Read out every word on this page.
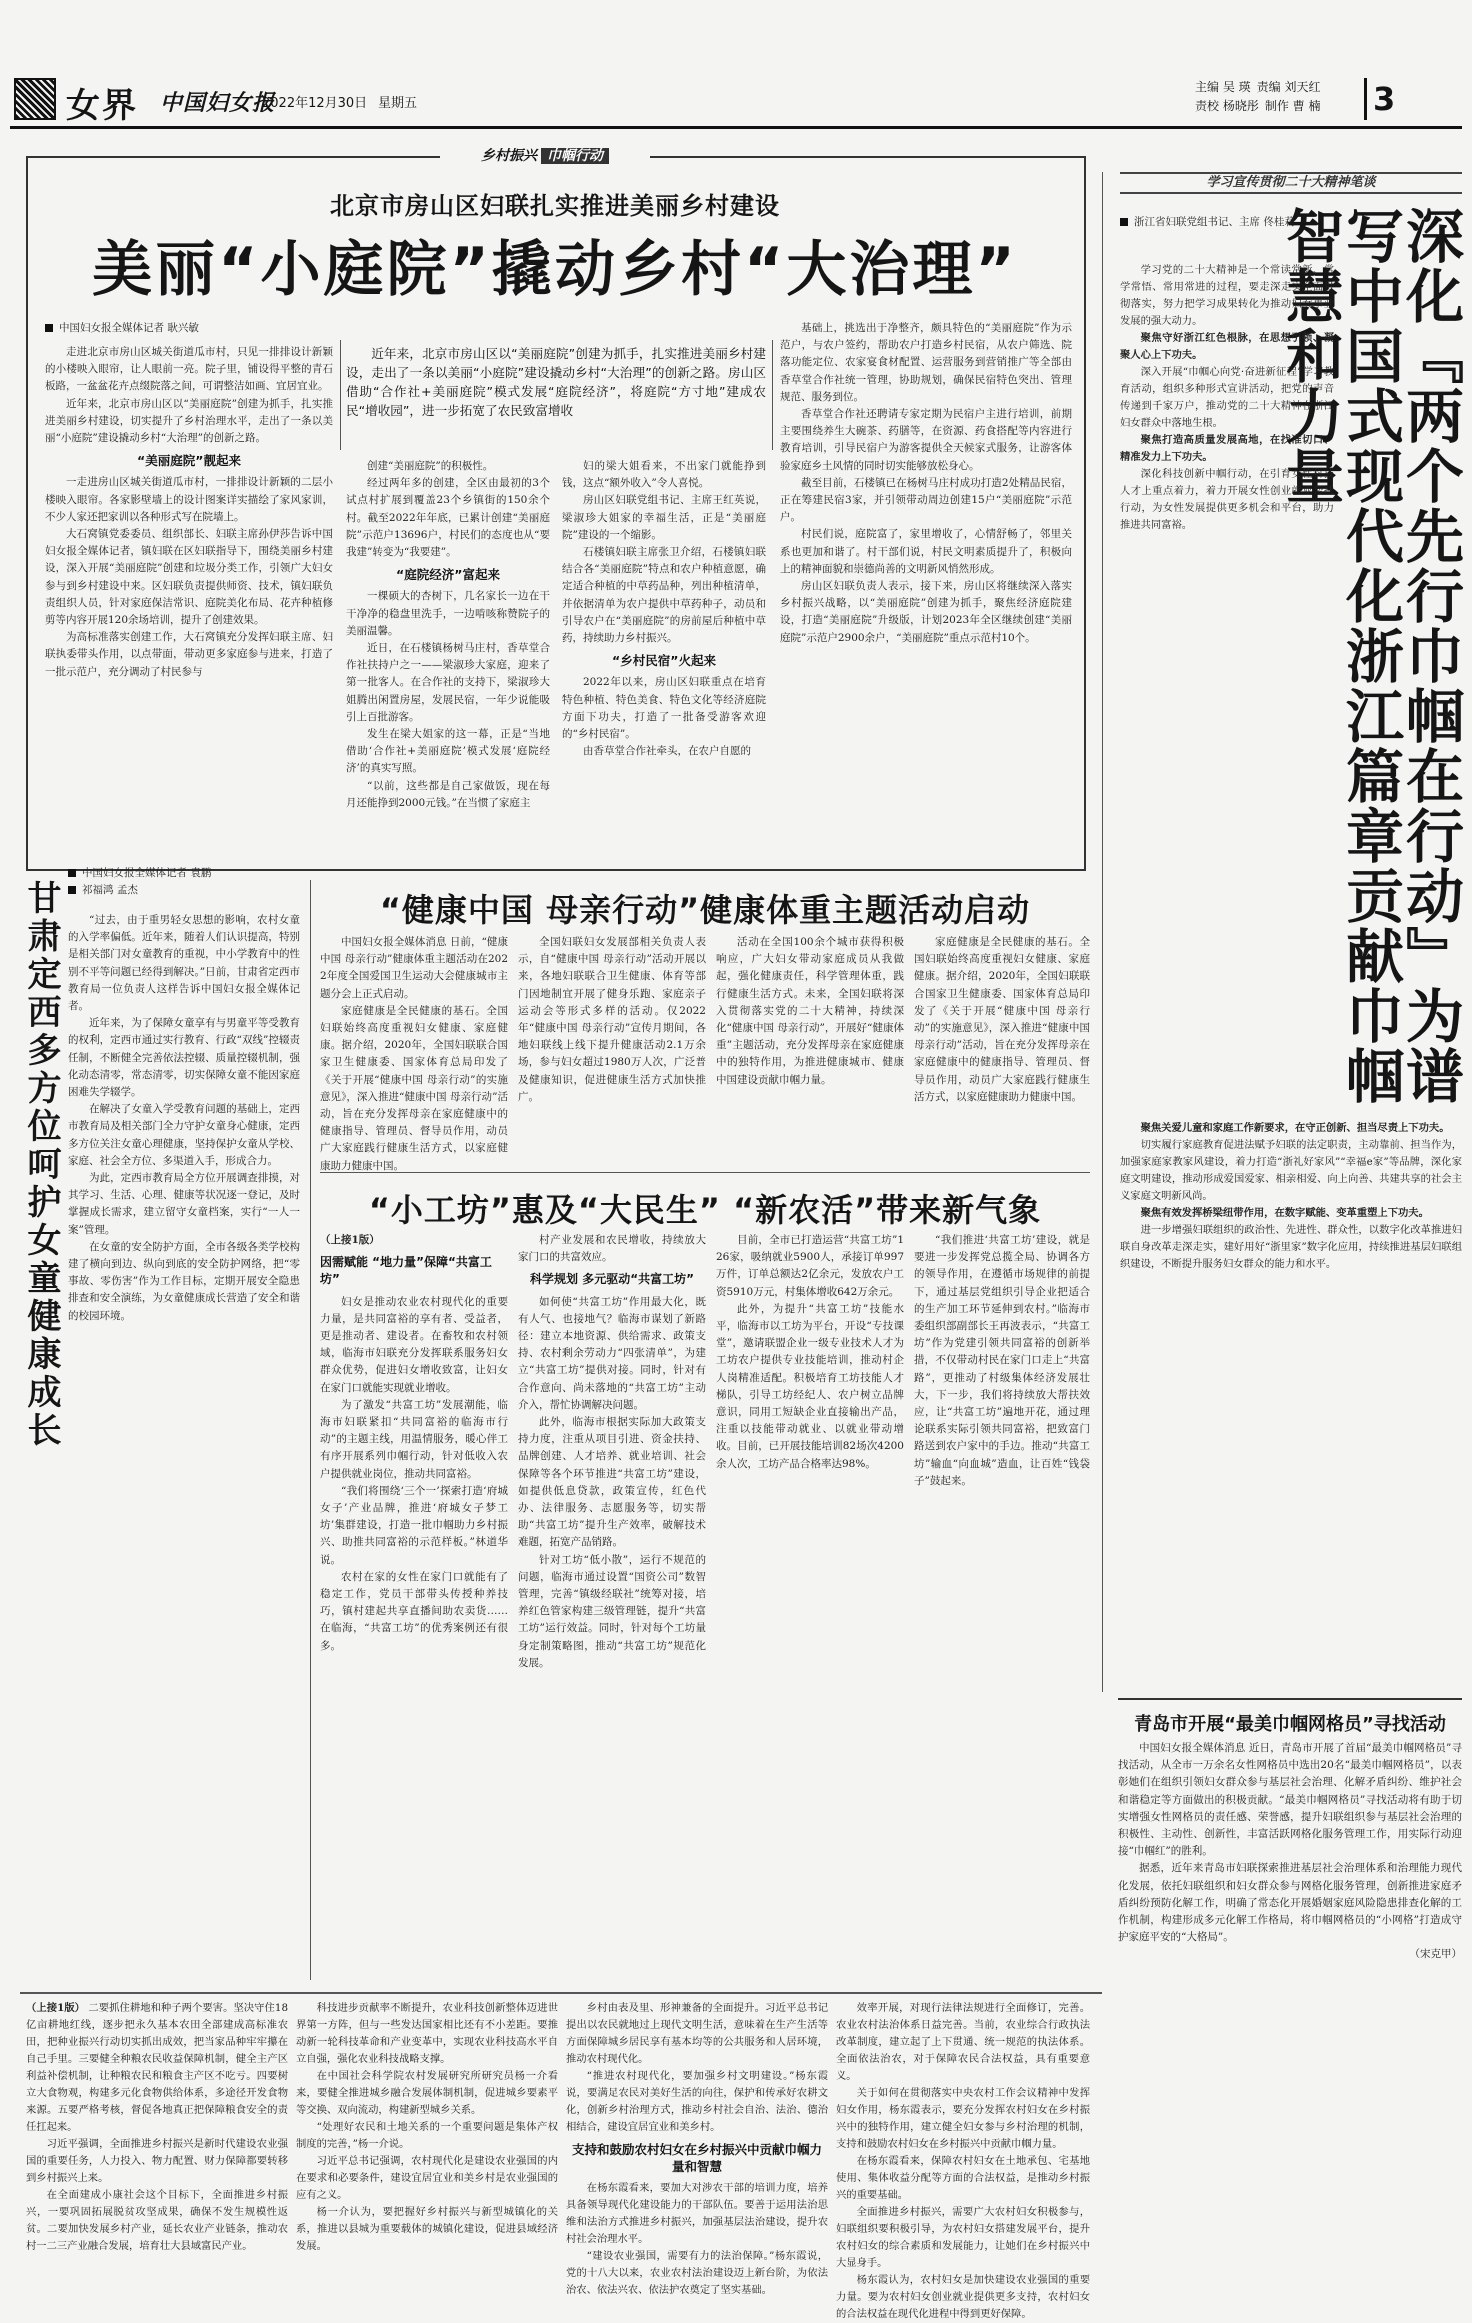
女界 中国妇女报
2022年12月30日 星期五
主编 吴 瑛 责编 刘天红
责校 杨晓彤 制作 曹 楠 3
乡村振兴 巾帼行动
北京市房山区妇联扎实推进美丽乡村建设
美丽“小庭院”撬动乡村“大治理”
中国妇女报全媒体记者 耿兴敏
近年来，北京市房山区以“美丽庭院”创建为抓手，扎实推进美丽乡村建设，走出了一条以美丽“小庭院”建设撬动乡村“大治理”的创新之路。房山区借助“合作社+美丽庭院”模式发展“庭院经济”，将庭院“方寸地”建成农民“增收园”，进一步拓宽了农民致富增收

走进北京市房山区城关街道瓜市村，只见一排排设计新颖的小楼映入眼帘，让人眼前一亮。院子里，铺设得平整的青石板路，一盆盆花卉点缀院落之间，可谓整洁如画、宜居宜业。

近年来，北京市房山区以“美丽庭院”创建为抓手，扎实推进美丽乡村建设，切实提升了乡村治理水平，走出了一条以美丽“小庭院”建设撬动乡村“大治理”的创新之路。

“美丽庭院”靓起来

一走进房山区城关街道瓜市村，一排排设计新颖的二层小楼映入眼帘。各家影壁墙上的设计图案详实描绘了家风家训，不少人家还把家训以各种形式写在院墙上。

大石窝镇党委委员、组织部长、妇联主席孙伊莎告诉中国妇女报全媒体记者，镇妇联在区妇联指导下，围绕美丽乡村建设，深入开展“美丽庭院”创建和垃圾分类工作，引领广大妇女参与到乡村建设中来。区妇联负责提供师资、技术，镇妇联负责组织人员，针对家庭保洁常识、庭院美化布局、花卉种植修剪等内容开展120余场培训，提升了创建效果。

为高标准落实创建工作，大石窝镇充分发挥妇联主席、妇联执委带头作用，以点带面，带动更多家庭参与进来，打造了一批示范户，充分调动了村民参与

创建“美丽庭院”的积极性。

经过两年多的创建，全区由最初的3个试点村扩展到覆盖23个乡镇街的150余个村。截至2022年年底，已累计创建“美丽庭院”示范户13696户，村民们的态度也从“要我建”转变为“我要建”。

“庭院经济”富起来

一棵硕大的杏树下，几名家长一边在干干净净的稳盘里洗手，一边啃咳称赞院子的美丽温馨。

近日，在石楼镇杨树马庄村，香草堂合作社扶持户之一——梁淑珍大家庭，迎来了第一批客人。在合作社的支持下，梁淑珍大姐腾出闲置房屋，发展民宿，一年少说能吸引上百批游客。

发生在梁大姐家的这一幕，正是“当地借助‘合作社+美丽庭院’模式发展‘庭院经济’的真实写照。

“以前，这些都是自己家做饭，现在每月还能挣到2000元钱。”在当惯了家庭主

妇的梁大姐看来，不出家门就能挣到钱，这点“额外收入”令人喜悦。

房山区妇联党组书记、主席王红英说，梁淑珍大姐家的幸福生活，正是“美丽庭院”建设的一个缩影。

石楼镇妇联主席张卫介绍，石楼镇妇联结合各“美丽庭院”特点和农户种植意愿，确定适合种植的中草药品种，列出种植清单，并依据清单为农户提供中草药种子，动员和引导农户在“美丽庭院”的房前屋后种植中草药，持续助力乡村振兴。

“乡村民宿”火起来

2022年以来，房山区妇联重点在培育特色种植、特色美食、特色文化等经济庭院方面下功夫，打造了一批备受游客欢迎的“乡村民宿”。

由香草堂合作社牵头，在农户自愿的

基础上，挑选出于净整齐，颇具特色的“美丽庭院”作为示范户，与农户签约，帮助农户打造乡村民宿，从农户筛选、院落功能定位、农家宴食材配置、运营服务到营销推广等全部由香草堂合作社统一管理，协助规划，确保民宿特色突出、管理规范、服务到位。

香草堂合作社还聘请专家定期为民宿户主进行培训，前期主要围绕养生大碗茶、药膳等，在资源、药食搭配等内容进行教育培训，引导民宿户为游客提供全天候家式服务，让游客体验家庭乡土风情的同时切实能够放松身心。

截至目前，石楼镇已在杨树马庄村成功打造2处精品民宿，正在筹建民宿3家，并引领带动周边创建15户“美丽庭院”示范户。

村民们说，庭院富了，家里增收了，心情舒畅了，邻里关系也更加和谐了。村干部们说，村民文明素质提升了，积极向上的精神面貌和崇德尚善的文明新风悄然形成。

房山区妇联负责人表示，接下来，房山区将继续深入落实乡村振兴战略，以“美丽庭院”创建为抓手，聚焦经济庭院建设，打造“美丽庭院”升级版，计划2023年全区继续创建“美丽庭院”示范户2900余户，“美丽庭院”重点示范村10个。

学习宣传贯彻二十大精神笔谈
深化『两个先行巾帼在行动』为谱写中国式现代化浙江篇章贡献巾帼智慧和力量
浙江省妇联党组书记、主席 佟桂莉

学习党的二十大精神是一个常读常新、常学常悟、常用常进的过程，要走深走实全面贯彻落实，努力把学习成果转化为推动妇女事业发展的强大动力。

聚焦守好浙江红色根脉，在思想引领、凝聚人心上下功夫。

深入开展“巾帼心向党·奋进新征程”学习教育活动，组织多种形式宣讲活动，把党的声音传递到千家万户，推动党的二十大精神在浙江妇女群众中落地生根。

聚焦打造高质量发展高地，在找准切口、精准发力上下功夫。

深化科技创新中帼行动，在引育女性科技人才上重点着力，着力开展女性创业就业帮扶行动，为女性发展提供更多机会和平台，助力推进共同富裕。

聚焦关爱儿童和家庭工作新要求，在守正创新、担当尽责上下功夫。

切实履行家庭教育促进法赋予妇联的法定职责，主动靠前、担当作为，加强家庭家教家风建设，着力打造“浙礼好家风”“幸福e家”等品牌，深化家庭文明建设，推动形成爱国爱家、相亲相爱、向上向善、共建共享的社会主义家庭文明新风尚。

聚焦有效发挥桥梁纽带作用，在数字赋能、变革重塑上下功夫。

进一步增强妇联组织的政治性、先进性、群众性，以数字化改革推进妇联自身改革走深走实，建好用好“浙里家”数字化应用，持续推进基层妇联组织建设，不断提升服务妇女群众的能力和水平。

甘肃定西多方位呵护女童健康成长
中国妇女报全媒体记者 袁鹏
祁福鸿 孟杰

“过去，由于重男轻女思想的影响，农村女童的入学率偏低。近年来，随着人们认识提高，特别是相关部门对女童教育的重视，中小学教育中的性别不平等问题已经得到解决。”日前，甘肃省定西市教育局一位负责人这样告诉中国妇女报全媒体记者。

近年来，为了保障女童享有与男童平等受教育的权利，定西市通过实行教育、行政“双线”控辍责任制，不断健全完善依法控辍、质量控辍机制，强化动态清零，常态清零，切实保障女童不能因家庭困难失学辍学。

在解决了女童入学受教育问题的基础上，定西市教育局及相关部门全力守护女童身心健康，定西多方位关注女童心理健康，坚持保护女童从学校、家庭、社会全方位、多渠道入手，形成合力。

为此，定西市教育局全方位开展调查排摸，对其学习、生活、心理、健康等状况逐一登记，及时掌握成长需求，建立留守女童档案，实行“一人一案”管理。

在女童的安全防护方面，全市各级各类学校构建了横向到边、纵向到底的安全防护网络，把“零事故、零伤害”作为工作目标，定期开展安全隐患排查和安全演练，为女童健康成长营造了安全和谐的校园环境。

“健康中国 母亲行动”健康体重主题活动启动

中国妇女报全媒体消息 日前，“健康中国 母亲行动”健康体重主题活动在2022年度全国爱国卫生运动大会健康城市主题分会上正式启动。

家庭健康是全民健康的基石。全国妇联始终高度重视妇女健康、家庭健康。据介绍，2020年，全国妇联联合国家卫生健康委、国家体育总局印发了《关于开展“健康中国 母亲行动”的实施意见》，深入推进“健康中国 母亲行动”活动，旨在充分发挥母亲在家庭健康中的健康指导、管理员、督导员作用，动员广大家庭践行健康生活方式，以家庭健康助力健康中国。

全国妇联妇女发展部相关负责人表示，自“健康中国 母亲行动”活动开展以来，各地妇联联合卫生健康、体育等部门因地制宜开展了健身乐跑、家庭亲子运动会等形式多样的活动。仅2022年“健康中国 母亲行动”宣传月期间，各地妇联线上线下提升健康活动2.1万余场，参与妇女超过1980万人次，广泛普及健康知识，促进健康生活方式加快推广。

活动在全国100余个城市获得积极响应，广大妇女带动家庭成员从我做起，强化健康责任，科学管理体重，践行健康生活方式。未来，全国妇联将深入贯彻落实党的二十大精神，持续深化“健康中国 母亲行动”，开展好“健康体重”主题活动，充分发挥母亲在家庭健康中的独特作用，为推进健康城市、健康中国建设贡献巾帼力量。

家庭健康是全民健康的基石。全国妇联始终高度重视妇女健康、家庭健康。据介绍，2020年，全国妇联联合国家卫生健康委、国家体育总局印发了《关于开展“健康中国 母亲行动”的实施意见》，深入推进“健康中国 母亲行动”活动，旨在充分发挥母亲在家庭健康中的健康指导、管理员、督导员作用，动员广大家庭践行健康生活方式，以家庭健康助力健康中国。

“小工坊”惠及“大民生” “新农活”带来新气象
（上接1版）
因需赋能 “地力量”保障“共富工坊”

妇女是推动农业农村现代化的重要力量，是共同富裕的享有者、受益者，更是推动者、建设者。在畜牧和农村领域，临海市妇联充分发挥联系服务妇女群众优势，促进妇女增收致富，让妇女在家门口就能实现就业增收。

为了激发“共富工坊”发展潮能，临海市妇联紧扣“共同富裕的临海市行动”的主题主线，用温情服务，暖心伴工有序开展系列巾帼行动，针对低收入农户提供就业岗位，推动共同富裕。

“我们将围绕‘三个一’探索打造‘府城女子’产业品牌，推进‘府城女子梦工坊’集群建设，打造一批巾帼助力乡村振兴、助推共同富裕的示范样板。”林道华说。

农村在家的女性在家门口就能有了稳定工作，党员干部带头传授种养技巧，镇村建起共享直播间助农卖货……在临海，“共富工坊”的优秀案例还有很多。

村产业发展和农民增收，持续放大家门口的共富效应。

科学规划 多元驱动“共富工坊”

如何使“共富工坊”作用最大化，既有人气、也接地气？临海市谋划了新路径：建立本地资源、供给需求、政策支持、农村剩余劳动力“四张清单”，为建立“共富工坊”提供对接。同时，针对有合作意向、尚未落地的“共富工坊”主动介入，帮忙协调解决问题。

此外，临海市根据实际加大政策支持力度，注重从项目引进、资金扶持、品牌创建、人才培养、就业培训、社会保障等各个环节推进“共富工坊”建设，如提供低息贷款，政策宣传，红色代办、法律服务、志愿服务等，切实帮助“共富工坊”提升生产效率，破解技术难题，拓宽产品销路。

针对工坊“低小散”，运行不规范的问题，临海市通过设置“国资公司”数智管理，完善“镇级经联社”统筹对接，培养红色管家构建三级管理链，提升“共富工坊”运行效益。同时，针对每个工坊量身定制策略图，推动“共富工坊”规范化发展。

目前，全市已打造运营“共富工坊”126家，吸纳就业5900人，承接订单997万件，订单总额达2亿余元，发放农户工资5910万元，村集体增收642万余元。

此外，为提升“共富工坊”技能水平，临海市以工坊为平台，开设“专技课堂”，邀请联盟企业一级专业技术人才为工坊农户提供专业技能培训，推动村企人岗精准适配。积极培育工坊技能人才梯队，引导工坊经纪人、农户树立品牌意识，同用工短缺企业直接输出产品，注重以技能带动就业、以就业带动增收。目前，已开展技能培训82场次4200余人次，工坊产品合格率达98%。

“我们推进‘共富工坊’建设，就是要进一步发挥党总揽全局、协调各方的领导作用，在遵循市场规律的前提下，通过基层党组织引导企业把适合的生产加工环节延伸到农村。”临海市委组织部副部长王再波表示，“共富工坊”作为党建引领共同富裕的创新举措，不仅带动村民在家门口走上“共富路”，更推动了村级集体经济发展壮大，下一步，我们将持续放大帮扶效应，让“共富工坊”遍地开花，通过理论联系实际引领共同富裕，把致富门路送到农户家中的手边。推动“共富工坊”输血“向血城”造血，让百姓“钱袋子”鼓起来。

（上接1版） 二要抓住耕地和种子两个要害。坚决守住18亿亩耕地红线，逐步把永久基本农田全部建成高标准农田，把种业振兴行动切实抓出成效，把当家品种牢牢攥在自己手里。三要健全种粮农民收益保障机制，健全主产区利益补偿机制，让种粮农民和粮食主产区不吃亏。四要树立大食物观，构建多元化食物供给体系，多途径开发食物来源。五要严格考核，督促各地真正把保障粮食安全的责任扛起来。

习近平强调，全面推进乡村振兴是新时代建设农业强国的重要任务，人力投入、物力配置、财力保障都要转移到乡村振兴上来。

在全面建成小康社会这个目标下，全面推进乡村振兴，一要巩固拓展脱贫攻坚成果，确保不发生规模性返贫。二要加快发展乡村产业，延长农业产业链条，推动农村一二三产业融合发展，培育壮大县域富民产业。

科技进步贡献率不断提升，农业科技创新整体迈进世界第一方阵，但与一些发达国家相比还有不小差距。要推动新一轮科技革命和产业变革中，实现农业科技高水平自立自强，强化农业科技战略支撑。

在中国社会科学院农村发展研究所研究员杨一介看来，要健全推进城乡融合发展体制机制，促进城乡要素平等交换、双向流动，构建新型城乡关系。

“处理好农民和土地关系的一个重要问题是集体产权制度的完善，”杨一介说。

习近平总书记强调，农村现代化是建设农业强国的内在要求和必要条件，建设宜居宜业和美乡村是农业强国的应有之义。

杨一介认为，要把握好乡村振兴与新型城镇化的关系，推进以县城为重要载体的城镇化建设，促进县域经济发展。

乡村由表及里、形神兼备的全面提升。习近平总书记提出以农民就地过上现代文明生活，意味着在生产生活等方面保障城乡居民享有基本均等的公共服务和人居环境，推动农村现代化。

“推进农村现代化，要加强乡村文明建设。”杨东霞说，要满足农民对美好生活的向往，保护和传承好农耕文化，创新乡村治理方式，推动乡村社会自治、法治、德治相结合，建设宜居宜业和美乡村。

支持和鼓励农村妇女在乡村振兴中贡献巾帼力量和智慧

在杨东霞看来，要加大对涉农干部的培训力度，培养具备领导现代化建设能力的干部队伍。要善于运用法治思维和法治方式推进乡村振兴，加强基层法治建设，提升农村社会治理水平。

“建设农业强国，需要有力的法治保障。”杨东霞说，党的十八大以来，农业农村法治建设迈上新台阶，为依法治农、依法兴农、依法护农奠定了坚实基础。

效率开展，对现行法律法规进行全面修订，完善。农业农村法治体系日益完善。当前，农业综合行政执法改革制度，建立起了上下贯通、统一规范的执法体系。全面依法治农，对于保障农民合法权益，具有重要意义。

关于如何在贯彻落实中央农村工作会议精神中发挥妇女作用，杨东霞表示，要充分发挥农村妇女在乡村振兴中的独特作用，建立健全妇女参与乡村治理的机制，支持和鼓励农村妇女在乡村振兴中贡献巾帼力量。

在杨东霞看来，保障农村妇女在土地承包、宅基地使用、集体收益分配等方面的合法权益，是推动乡村振兴的重要基础。

全面推进乡村振兴，需要广大农村妇女积极参与，妇联组织要积极引导，为农村妇女搭建发展平台，提升农村妇女的综合素质和发展能力，让她们在乡村振兴中大显身手。

杨东霞认为，农村妇女是加快建设农业强国的重要力量。要为农村妇女创业就业提供更多支持，农村妇女的合法权益在现代化进程中得到更好保障。

青岛市开展“最美巾帼网格员”寻找活动

中国妇女报全媒体消息 近日，青岛市开展了首届“最美巾帼网格员”寻找活动，从全市一万余名女性网格员中选出20名“最美巾帼网格员”，以表彰她们在组织引领妇女群众参与基层社会治理、化解矛盾纠纷、维护社会和谐稳定等方面做出的积极贡献。“最美巾帼网格员”寻找活动将有助于切实增强女性网格员的责任感、荣誉感，提升妇联组织参与基层社会治理的积极性、主动性、创新性，丰富活跃网格化服务管理工作，用实际行动迎接“巾帼红”的胜利。

据悉，近年来青岛市妇联探索推进基层社会治理体系和治理能力现代化发展，依托妇联组织和妇女群众参与网格化服务管理，创新推进家庭矛盾纠纷预防化解工作，明确了常态化开展婚姻家庭风险隐患排查化解的工作机制，构建形成多元化解工作格局，将巾帼网格员的“小网格”打造成守护家庭平安的“大格局”。

（宋克甲）
